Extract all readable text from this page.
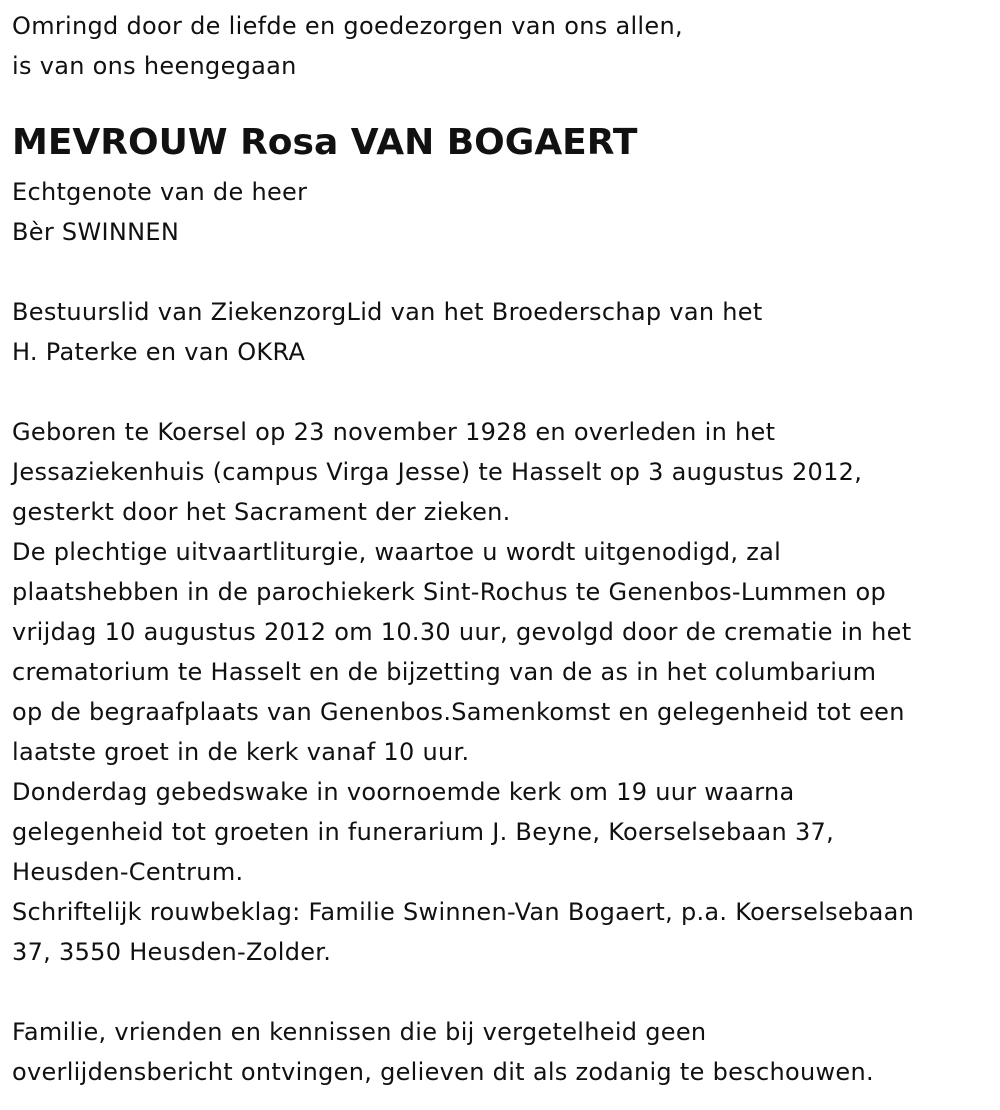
Omringd door de liefde en goedezorgen van ons allen,
is van ons heengegaan
MEVROUW Rosa VAN BOGAERT
Echtgenote van de heer
Bèr SWINNEN
Bestuurslid van ZiekenzorgLid van het Broederschap van het
H. Paterke en van OKRA
Geboren te Koersel op 23 november 1928 en overleden in het
Jessaziekenhuis (campus Virga Jesse) te Hasselt op 3 augustus 2012,
gesterkt door het Sacrament der zieken.
De plechtige uitvaartliturgie, waartoe u wordt uitgenodigd, zal
plaatshebben in de parochiekerk Sint-Rochus te Genenbos-Lummen op
vrijdag 10 augustus 2012 om 10.30 uur, gevolgd door de crematie in het
crematorium te Hasselt en de bijzetting van de as in het columbarium
op de begraafplaats van Genenbos.Samenkomst en gelegenheid tot een
laatste groet in de kerk vanaf 10 uur.
Donderdag gebedswake in voornoemde kerk om 19 uur waarna
gelegenheid tot groeten in funerarium J. Beyne, Koerselsebaan 37,
Heusden-Centrum.
Schriftelijk rouwbeklag: Familie Swinnen-Van Bogaert, p.a. Koerselsebaan
37, 3550 Heusden-Zolder.
Familie, vrienden en kennissen die bij vergetelheid geen
overlijdensbericht ontvingen, gelieven dit als zodanig te beschouwen.
